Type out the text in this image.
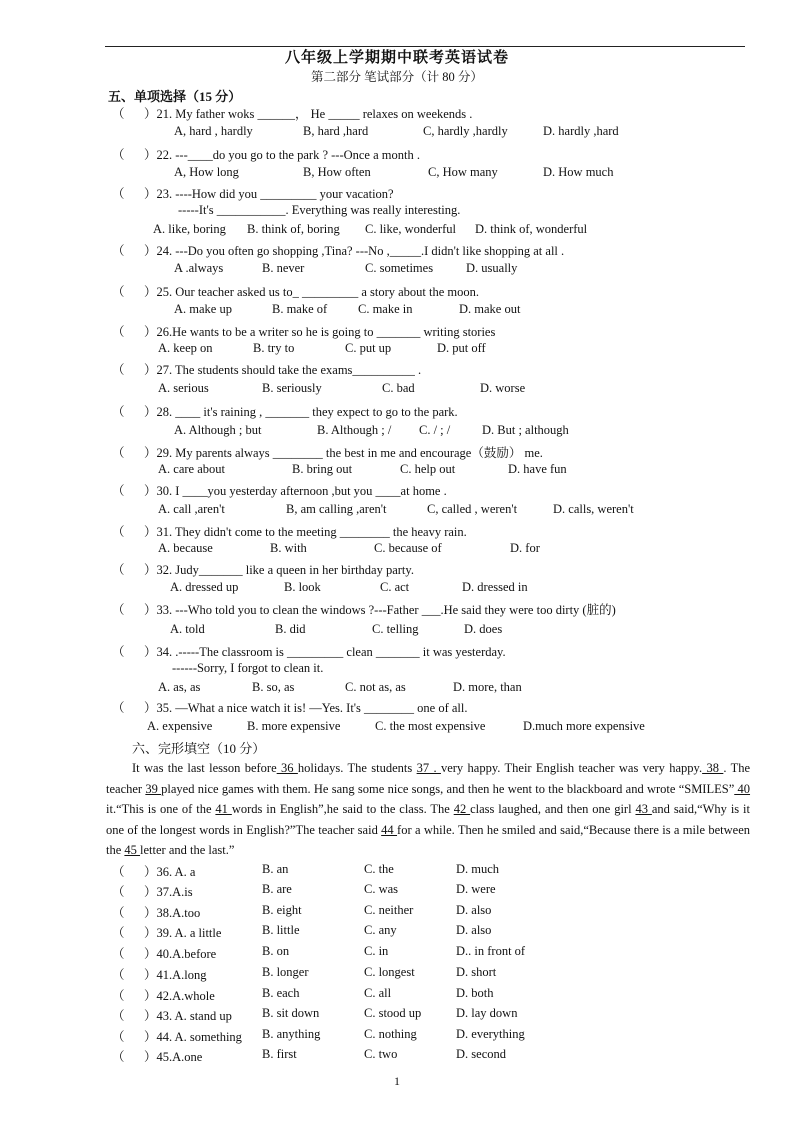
八年级上学期期中联考英语试卷
第二部分 笔试部分（计 80 分）
五、单项选择（15 分）
（ ）21. My father woks ______， He _____ relaxes on weekends .
A, hard , hardly	B, hard ,hard	C, hardly ,hardly	D. hardly ,hard
（ ）22. ---____do you go to the park ? ---Once a month .
A, How long	B, How often	C, How many	D. How much
（ ）23. ----How did you _________ your vacation?
-----It's ___________. Everything was really interesting.
A. like, boring B. think of, boring C. like, wonderful D. think of, wonderful
（ ）24. ---Do you often go shopping ,Tina? ---No ,_____.I didn't like shopping at all .
A .always	B. never	C. sometimes	D. usually
（ ）25. Our teacher asked us to_ _________ a story about the moon.
A. make up	B. make of C. make in	D. make out
（ ）26.He wants to be a writer so he is going to _______ writing stories
A. keep on	B. try to	C. put up	D. put off
（ ）27. The students should take the exams__________ .
A. serious	B. seriously	C. bad	D. worse
（ ）28. ____ it's raining , _______ they expect to go to the park.
A. Although ; but	B. Although ; / C. / ; /	D. But ; although
（ ）29. My parents always ________ the best in me and encourage（鼓励） me.
A. care about	B. bring out	C. help out	D. have fun
（ ）30. I ____you yesterday afternoon ,but you ____at home .
A. call ,aren't	B, am calling ,aren't	C, called , weren't	D. calls, weren't
（ ）31. They didn't come to the meeting ________ the heavy rain.
A. because	B. with	C. because of	D. for
（ ）32. Judy_______ like a queen in her birthday party.
A. dressed up	B. look	C. act	D. dressed in
（ ）33. ---Who told you to clean the windows ?---Father ___.He said they were too dirty (脏的)
A. told	B. did	C. telling	D. does
（ ）34. .-----The classroom is _________ clean _______ it was yesterday.
------Sorry, I forgot to clean it.
A. as, as	B. so, as	C. not as, as	D. more, than
（ ）35. —What a nice watch it is! —Yes. It's ________ one of all.
A. expensive	B. more expensive	C. the most expensive	D.much more expensive
六、完形填空（10 分）
It was the last lesson before 36 holidays. The students 37 . very happy. Their English teacher was very happy. 38 . The teacher 39 played nice games with them. He sang some nice songs, and then he went to the blackboard and wrote “SMILES” 40 it.“This is one of the 41 words in English”,he said to the class. The 42 class laughed, and then one girl 43 and said,“Why is it one of the longest words in English?”The teacher said 44 for a while. Then he smiled and said,“Because there is a mile between the 45 letter and the last.”
（ ）36. A. a	B. an	C. the	D. much
（ ）37.A.is	B. are	C. was	D. were
（ ）38.A.too	B. eight	C. neither	D. also
（ ）39. A. a little	B. little	C. any	D. also
（ ）40.A.before	B. on	C. in	D.. in front of
（ ）41.A.long	B. longer	C. longest	D. short
（ ）42.A.whole	B. each	C. all	D. both
（ ）43. A. stand up B. sit down	C. stood up	D. lay down
（ ）44. A. something B. anything	C. nothing	D. everything
（ ）45.A.one	B. first	C. two	D. second
1
